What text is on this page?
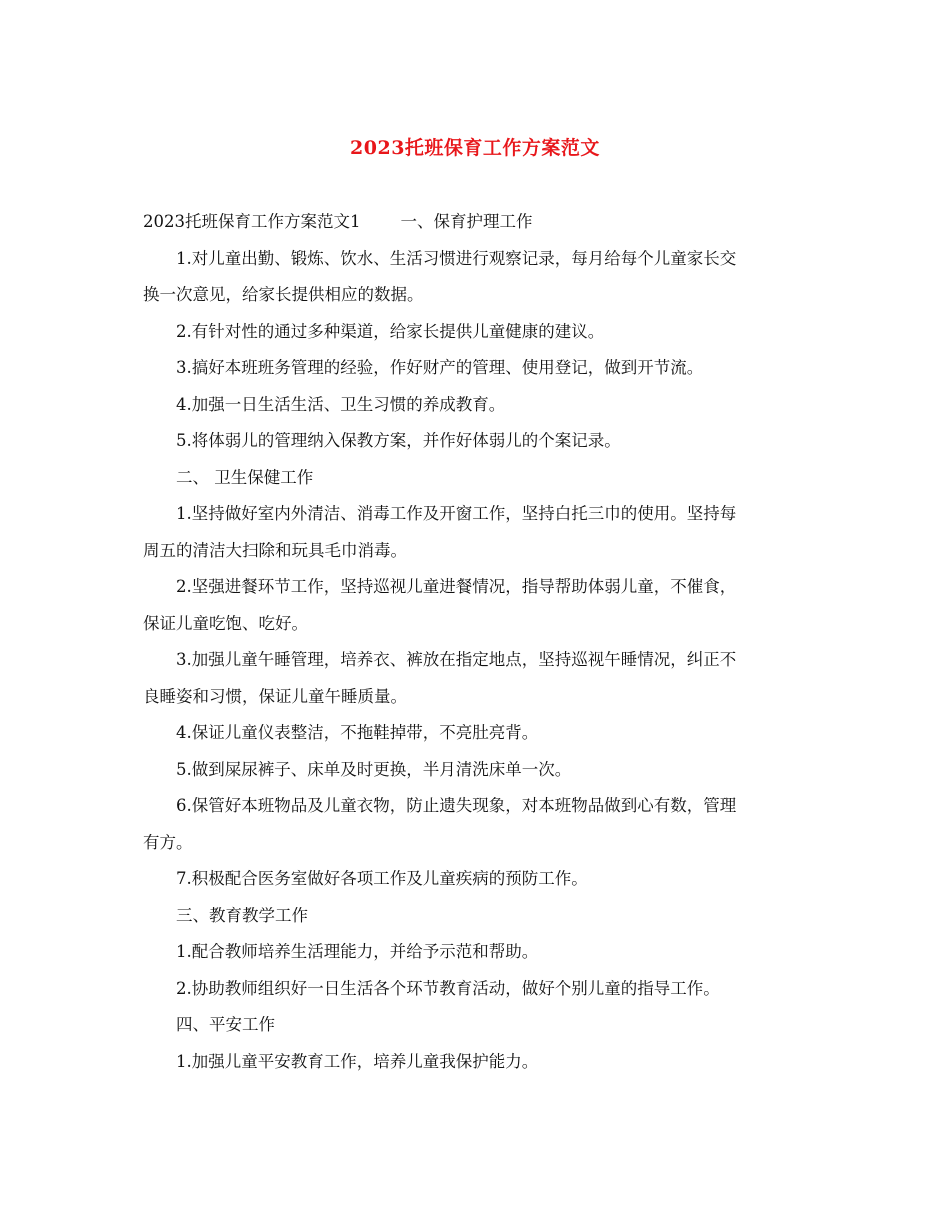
2023托班保育工作方案范文
2023托班保育工作方案范文1 一、保育护理工作
1.对儿童出勤、锻炼、饮水、生活习惯进行观察记录，每月给每个儿童家长交
换一次意见，给家长提供相应的数据。
2.有针对性的通过多种渠道，给家长提供儿童健康的建议。
3.搞好本班班务管理的经验，作好财产的管理、使用登记，做到开节流。
4.加强一日生活生活、卫生习惯的养成教育。
5.将体弱儿的管理纳入保教方案，并作好体弱儿的个案记录。
二、 卫生保健工作
1.坚持做好室内外清洁、消毒工作及开窗工作，坚持白托三巾的使用。坚持每
周五的清洁大扫除和玩具毛巾消毒。
2.坚强进餐环节工作，坚持巡视儿童进餐情况，指导帮助体弱儿童，不催食，
保证儿童吃饱、吃好。
3.加强儿童午睡管理，培养衣、裤放在指定地点，坚持巡视午睡情况，纠正不
良睡姿和习惯，保证儿童午睡质量。
4.保证儿童仪表整洁，不拖鞋掉带，不亮肚亮背。
5.做到屎尿裤子、床单及时更换，半月清洗床单一次。
6.保管好本班物品及儿童衣物，防止遗失现象，对本班物品做到心有数，管理
有方。
7.积极配合医务室做好各项工作及儿童疾病的预防工作。
三、教育教学工作
1.配合教师培养生活理能力，并给予示范和帮助。
2.协助教师组织好一日生活各个环节教育活动，做好个别儿童的指导工作。
四、平安工作
1.加强儿童平安教育工作，培养儿童我保护能力。
